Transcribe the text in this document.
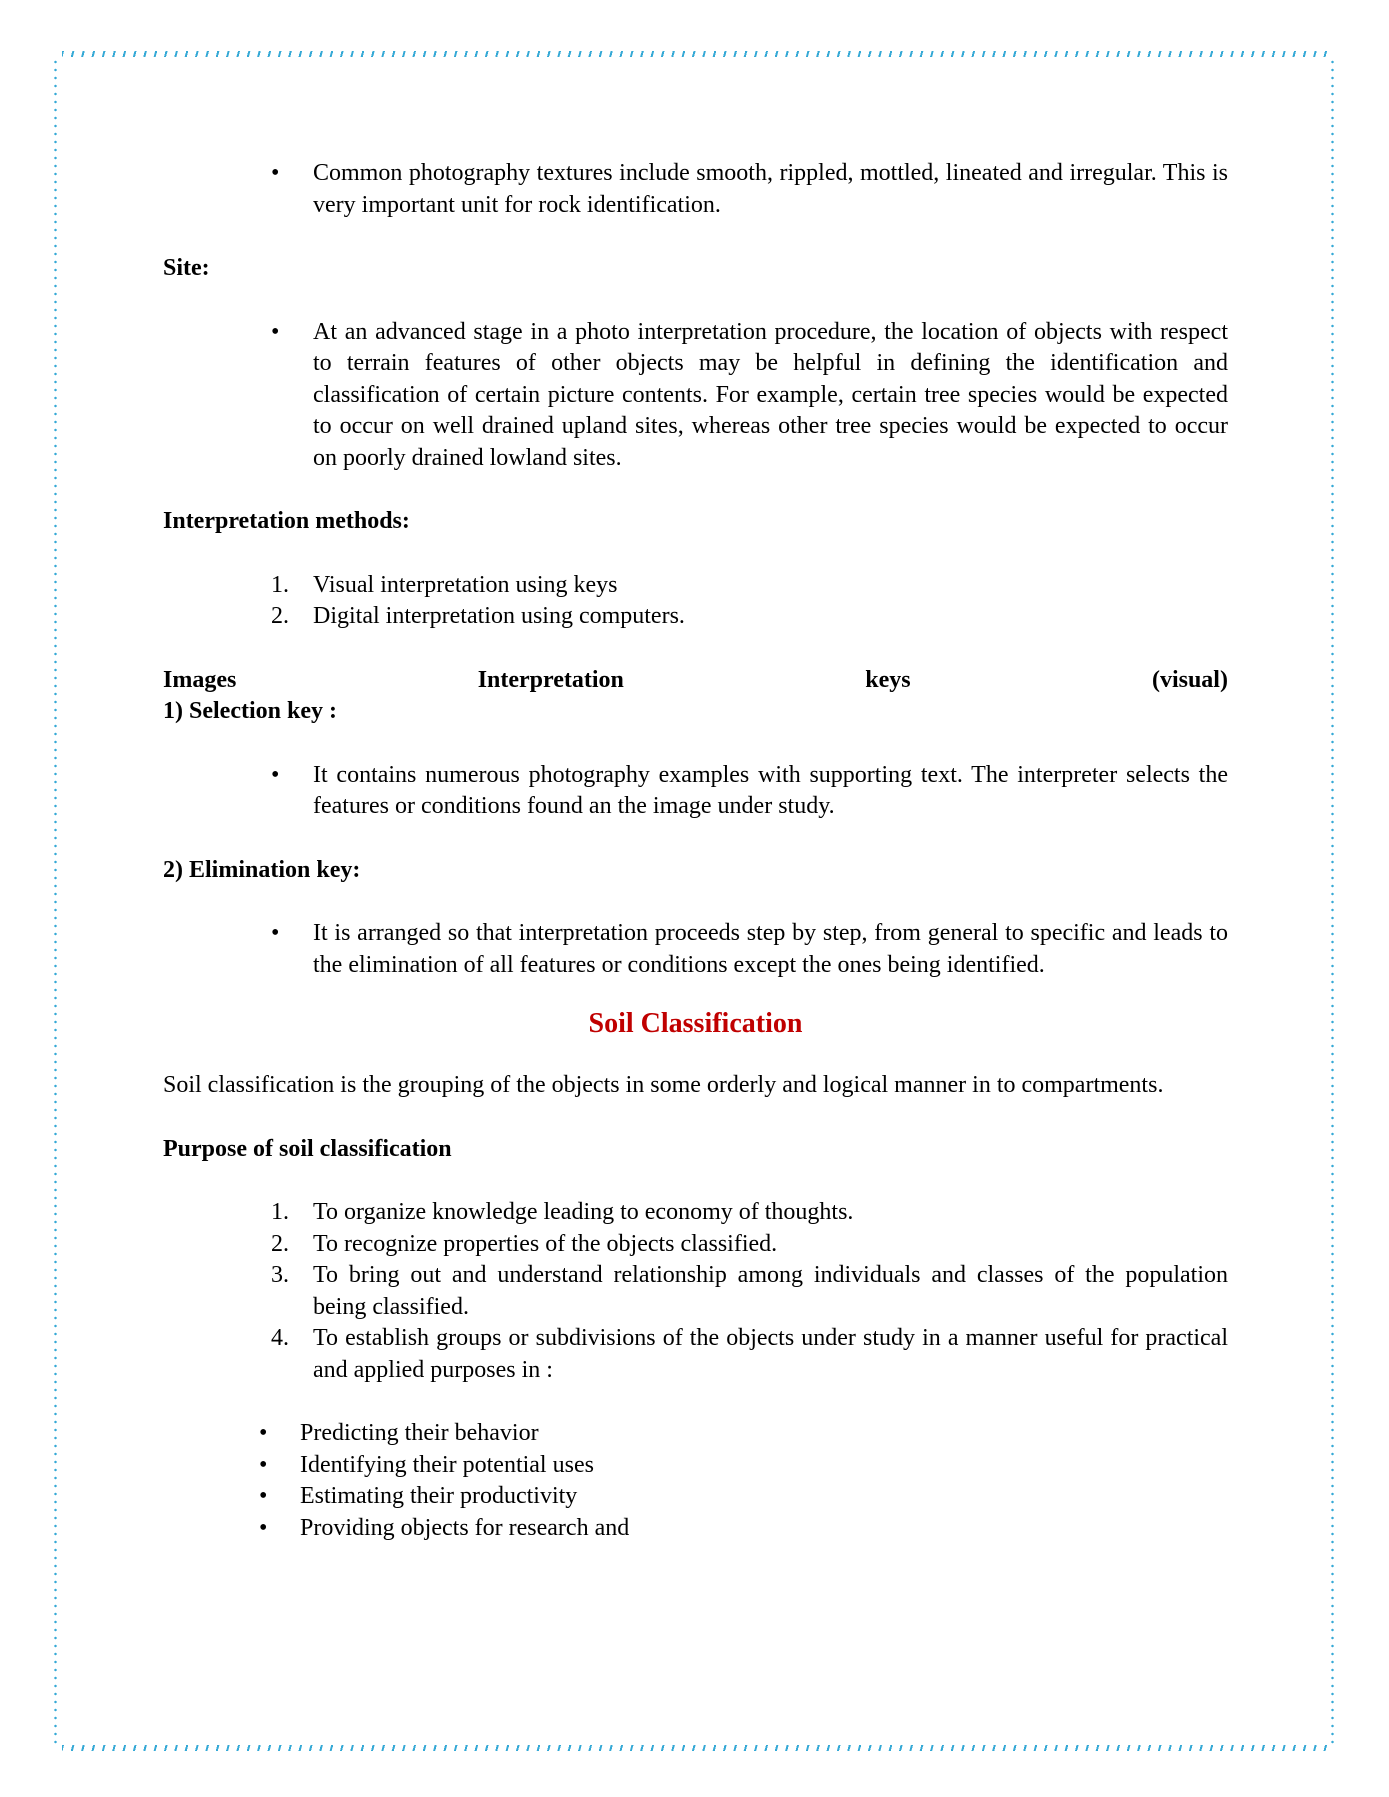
• Common photography textures include smooth, rippled, mottled, lineated and irregular. This is very important unit for rock identification.

Site:

• At an advanced stage in a photo interpretation procedure, the location of objects with respect to terrain features of other objects may be helpful in defining the identification and classification of certain picture contents. For example, certain tree species would be expected to occur on well drained upland sites, whereas other tree species would be expected to occur on poorly drained lowland sites.

Interpretation methods:

1.	Visual interpretation using keys
2.	Digital interpretation using computers.
Images	Interpretation	keys	(visual)

1) Selection key :

• It contains numerous photography examples with supporting text. The interpreter selects the features or conditions found an the image under study.

2) Elimination key:

• It is arranged so that interpretation proceeds step by step, from general to specific and leads to the elimination of all features or conditions except the ones being identified.

Soil Classification

Soil classification is the grouping of the objects in some orderly and logical manner in to compartments.

Purpose of soil classification

1.	To organize knowledge leading to economy of thoughts.
2.	To recognize properties of the objects classified.
3.	To bring out and understand relationship among individuals and classes of the population being classified.
4.	To establish groups or subdivisions of the objects under study in a manner useful for practical and applied purposes in :
• Predicting their behavior
• Identifying their potential uses
• Estimating their productivity
• Providing objects for research and
